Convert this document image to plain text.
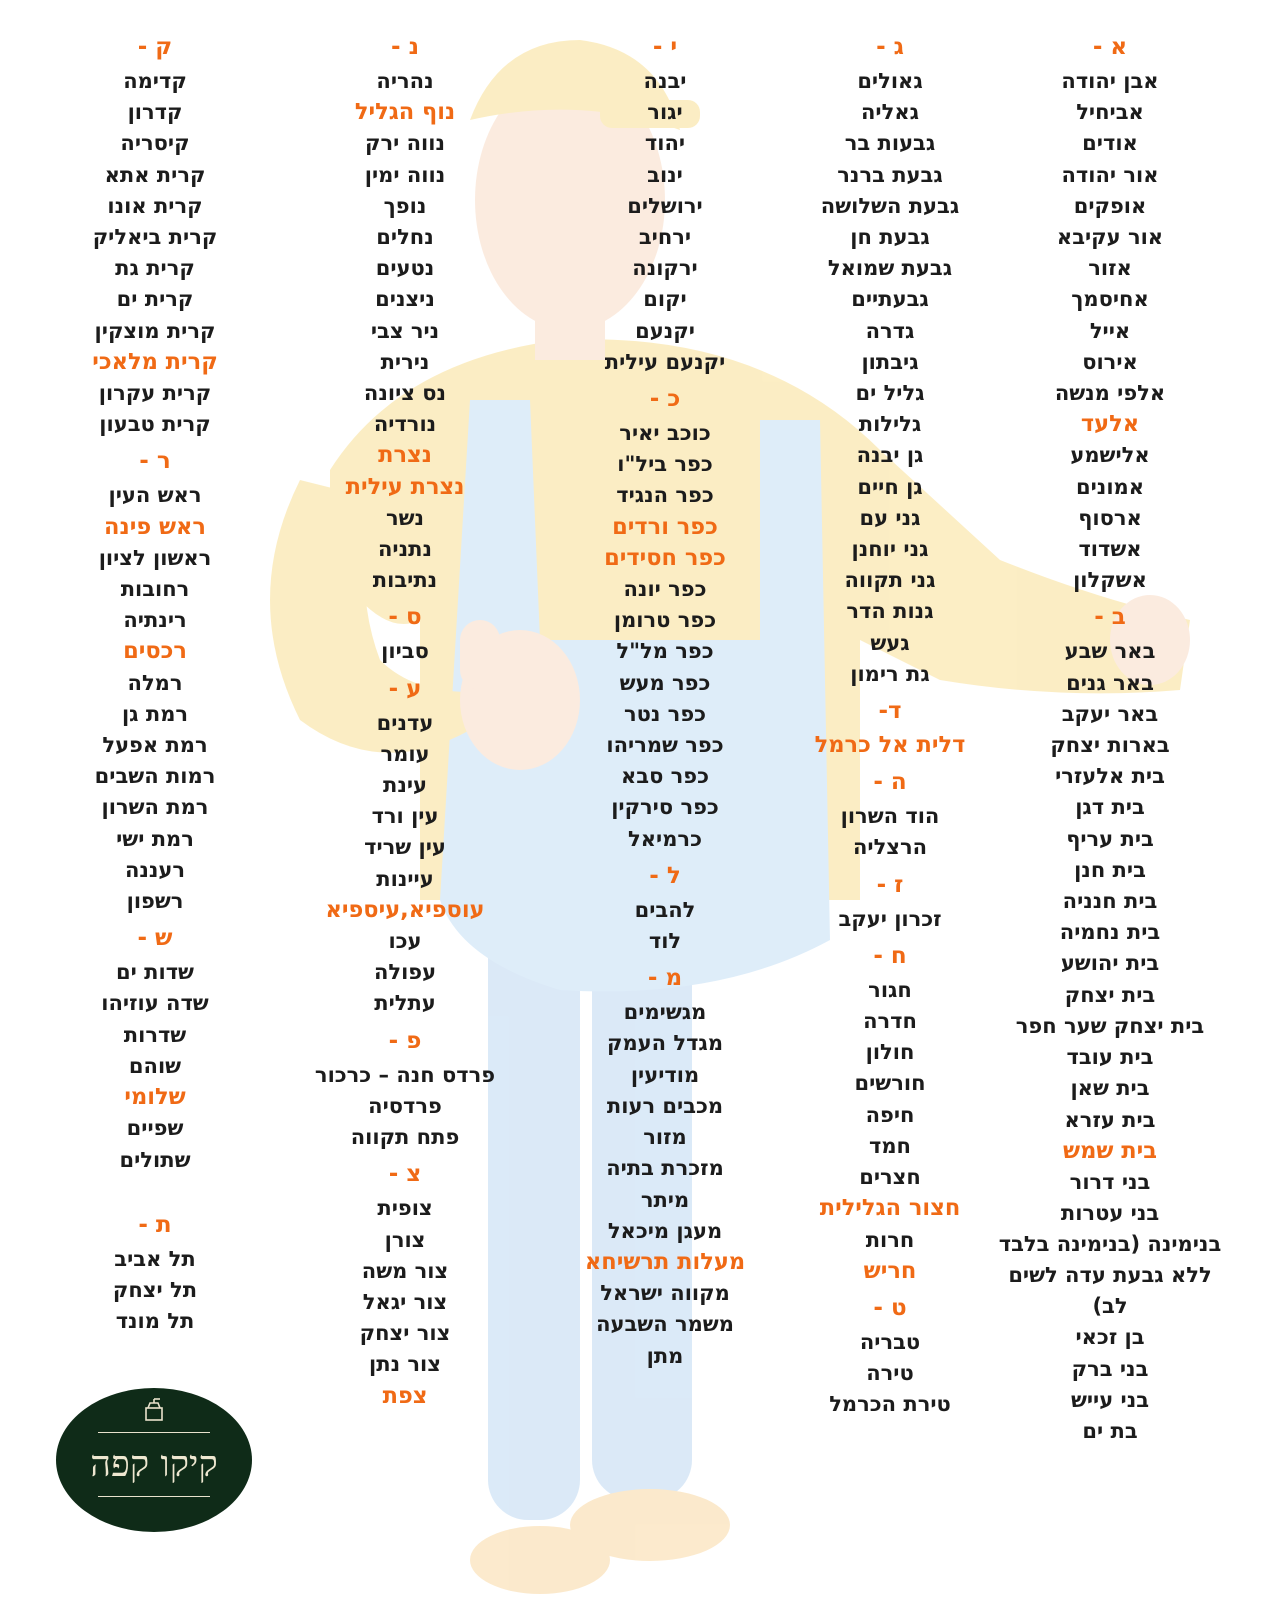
א -
אבן יהודה
אביחיל
אודים
אור יהודה
אופקים
אור עקיבא
אזור
אחיסמך
אייל
אירוס
אלפי מנשה
אלעד
אלישמע
אמונים
ארסוף
אשדוד
אשקלון
ב -
באר שבע
באר גנים
באר יעקב
בארות יצחק
בית אלעזרי
בית דגן
בית עריף
בית חנן
בית חנניה
בית נחמיה
בית יהושע
בית יצחק
בית יצחק שער חפר
בית עובד
בית שאן
בית עזרא
בית שמש
בני דרור
בני עטרות
בנימינה (בנימינה בלבד ללא גבעת עדה לשים לב)
בן זכאי
בני ברק
בני עייש
בת ים
ג -
גאולים
גאליה
גבעות בר
גבעת ברנר
גבעת השלושה
גבעת חן
גבעת שמואל
גבעתיים
גדרה
גיבתון
גליל ים
גלילות
גן יבנה
גן חיים
גני עם
גני יוחנן
גני תקווה
גנות הדר
געש
גת רימון
ד-
דלית אל כרמל
ה -
הוד השרון
הרצליה
ז -
זכרון יעקב
ח -
חגור
חדרה
חולון
חורשים
חיפה
חמד
חצרים
חצור הגלילית
חרות
חריש
ט -
טבריה
טירה
טירת הכרמל
י -
יבנה
יגור
יהוד
ינוב
ירושלים
ירחיב
ירקונה
יקום
יקנעם
יקנעם עילית
כ -
כוכב יאיר
כפר ביל"ו
כפר הנגיד
כפר ורדים
כפר חסידים
כפר יונה
כפר טרומן
כפר מל"ל
כפר מעש
כפר נטר
כפר שמריהו
כפר סבא
כפר סירקין
כרמיאל
ל -
להבים
לוד
מ -
מגשימים
מגדל העמק
מודיעין
מכבים רעות
מזור
מזכרת בתיה
מיתר
מעגן מיכאל
מעלות תרשיחא
מקווה ישראל
משמר השבעה
מתן
נ -
נהריה
נוף הגליל
נווה ירק
נווה ימין
נופך
נחלים
נטעים
ניצנים
ניר צבי
נירית
נס ציונה
נורדיה
נצרת
נצרת עילית
נשר
נתניה
נתיבות
ס -
סביון
ע -
עדנים
עומר
עינת
עין ורד
עין שריד
עיינות
עוספיא,עיספיא
עכו
עפולה
עתלית
פ -
פרדס חנה – כרכור
פרדסיה
פתח תקווה
צ -
צופית
צורן
צור משה
צור יגאל
צור יצחק
צור נתן
צפת
ק -
קדימה
קדרון
קיסריה
קרית אתא
קרית אונו
קרית ביאליק
קרית גת
קרית ים
קרית מוצקין
קרית מלאכי
קרית עקרון
קרית טבעון
ר -
ראש העין
ראש פינה
ראשון לציון
רחובות
רינתיה
רכסים
רמלה
רמת גן
רמת אפעל
רמות השבים
רמת השרון
רמת ישי
רעננה
רשפון
ש -
שדות ים
שדה עוזיהו
שדרות
שוהם
שלומי
שפיים
שתולים
ת -
תל אביב
תל יצחק
תל מונד
קיקו קפה
